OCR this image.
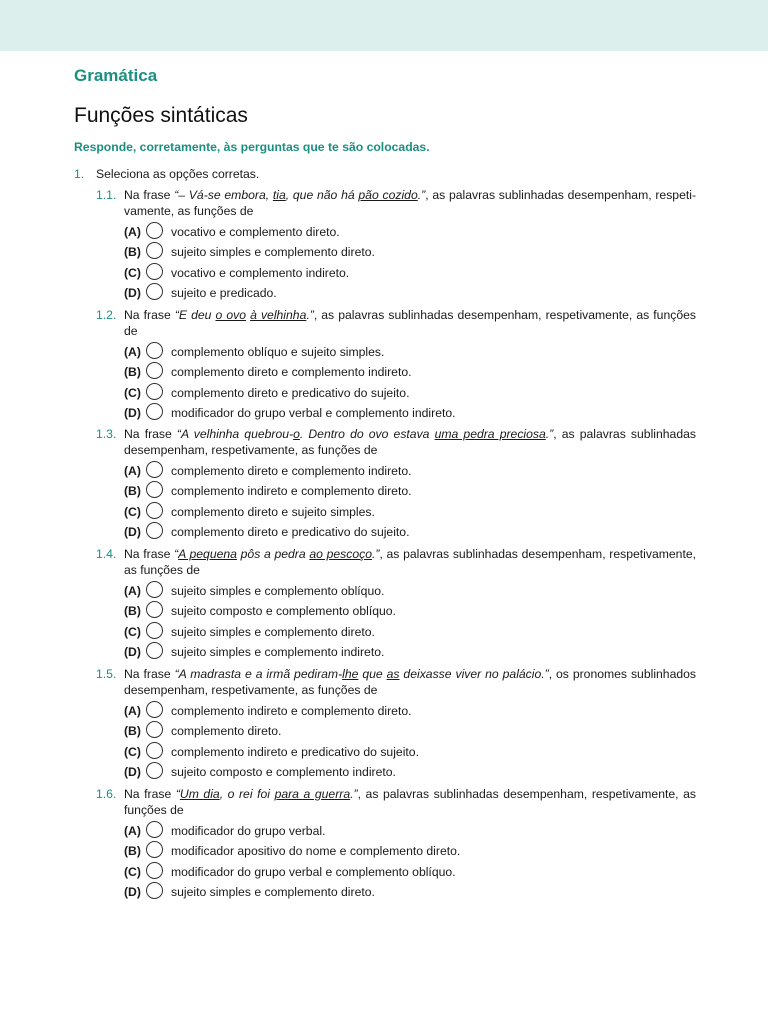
Gramática
Funções sintáticas
Responde, corretamente, às perguntas que te são colocadas.
1. Seleciona as opções corretas.
1.1. Na frase “– Vá-se embora, tia, que não há pão cozido.”, as palavras sublinhadas desempenham, respeti-vamente, as funções de
(A) vocativo e complemento direto.
(B) sujeito simples e complemento direto.
(C) vocativo e complemento indireto.
(D) sujeito e predicado.
1.2. Na frase “E deu o ovo à velhinha.”, as palavras sublinhadas desempenham, respetivamente, as funções de
(A) complemento oblíquo e sujeito simples.
(B) complemento direto e complemento indireto.
(C) complemento direto e predicativo do sujeito.
(D) modificador do grupo verbal e complemento indireto.
1.3. Na frase “A velhinha quebrou-o. Dentro do ovo estava uma pedra preciosa.”, as palavras sublinhadas desempenham, respetivamente, as funções de
(A) complemento direto e complemento indireto.
(B) complemento indireto e complemento direto.
(C) complemento direto e sujeito simples.
(D) complemento direto e predicativo do sujeito.
1.4. Na frase “A pequena pôs a pedra ao pescoço.”, as palavras sublinhadas desempenham, respetivamente, as funções de
(A) sujeito simples e complemento oblíquo.
(B) sujeito composto e complemento oblíquo.
(C) sujeito simples e complemento direto.
(D) sujeito simples e complemento indireto.
1.5. Na frase “A madrasta e a irmã pediram-lhe que as deixasse viver no palácio.”, os pronomes sublinhados desempenham, respetivamente, as funções de
(A) complemento indireto e complemento direto.
(B) complemento direto.
(C) complemento indireto e predicativo do sujeito.
(D) sujeito composto e complemento indireto.
1.6. Na frase “Um dia, o rei foi para a guerra.”, as palavras sublinhadas desempenham, respetivamente, as funções de
(A) modificador do grupo verbal.
(B) modificador apositivo do nome e complemento direto.
(C) modificador do grupo verbal e complemento oblíquo.
(D) sujeito simples e complemento direto.
